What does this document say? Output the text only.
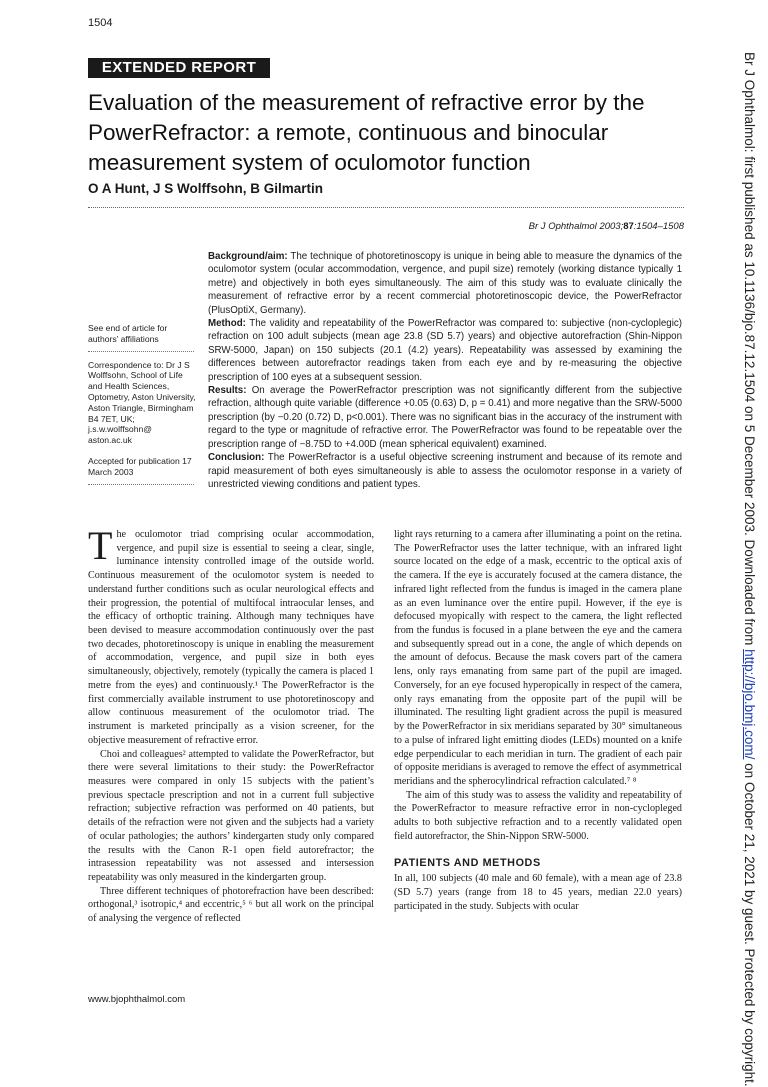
1504
EXTENDED REPORT
Evaluation of the measurement of refractive error by the PowerRefractor: a remote, continuous and binocular measurement system of oculomotor function
O A Hunt, J S Wolffsohn, B Gilmartin
Br J Ophthalmol 2003;87:1504–1508
See end of article for authors’ affiliations
Correspondence to: Dr J S Wolffsohn, School of Life and Health Sciences, Optometry, Aston University, Aston Triangle, Birmingham B4 7ET, UK; j.s.w.wolffsohn@ aston.ac.uk
Accepted for publication 17 March 2003

Background/aim: The technique of photoretinoscopy is unique in being able to measure the dynamics of the oculomotor system (ocular accommodation, vergence, and pupil size) remotely (working distance typically 1 metre) and objectively in both eyes simultaneously. The aim of this study was to evaluate clinically the measurement of refractive error by a recent commercial photoretinoscopic device, the PowerRefractor (PlusOptiX, Germany).

Method: The validity and repeatability of the PowerRefractor was compared to: subjective (non-cycloplegic) refraction on 100 adult subjects (mean age 23.8 (SD 5.7) years) and objective autorefraction (Shin-Nippon SRW-5000, Japan) on 150 subjects (20.1 (4.2) years). Repeatability was assessed by examining the differences between autorefractor readings taken from each eye and by re-measuring the objective prescription of 100 eyes at a subsequent session.

Results: On average the PowerRefractor prescription was not significantly different from the subjective refraction, although quite variable (difference +0.05 (0.63) D, p = 0.41) and more negative than the SRW-5000 prescription (by −0.20 (0.72) D, p<0.001). There was no significant bias in the accuracy of the instrument with regard to the type or magnitude of refractive error. The PowerRefractor was found to be repeatable over the prescription range of −8.75D to +4.00D (mean spherical equivalent) examined.

Conclusion: The PowerRefractor is a useful objective screening instrument and because of its remote and rapid measurement of both eyes simultaneously is able to assess the oculomotor response in a variety of unrestricted viewing conditions and patient types.

The oculomotor triad comprising ocular accommodation, vergence, and pupil size is essential to seeing a clear, single, luminance intensity controlled image of the outside world. Continuous measurement of the oculomotor system is needed to understand further conditions such as ocular neurological effects and their progression, the potential of multifocal intraocular lenses, and the efficacy of orthoptic training. Although many techniques have been devised to measure accommodation continuously over the past two decades, photoretinoscopy is unique in enabling the measurement of accommodation, vergence, and pupil size in both eyes simultaneously, objectively, remotely (typically the camera is placed 1 metre from the eyes) and continuously.¹ The PowerRefractor is the first commercially available instrument to use photoretinoscopy and allow continuous measurement of the oculomotor triad. The instrument is marketed principally as a vision screener, for the objective measurement of refractive error.

Choi and colleagues² attempted to validate the PowerRefractor, but there were several limitations to their study: the PowerRefractor measures were compared in only 15 subjects with the patient’s previous spectacle prescription and not in a current full subjective refraction; subjective refraction was performed on 40 patients, but details of the refraction were not given and the subjects had a variety of ocular pathologies; the authors’ kindergarten study only compared the results with the Canon R-1 open field autorefractor; the intrasession repeatability was not assessed and intersession repeatability was only measured in the kindergarten group.

Three different techniques of photorefraction have been described: orthogonal,³ isotropic,⁴ and eccentric,⁵ ⁶ but all work on the principal of analysing the vergence of reflected

light rays returning to a camera after illuminating a point on the retina. The PowerRefractor uses the latter technique, with an infrared light source located on the edge of a mask, eccentric to the optical axis of the camera. If the eye is accurately focused at the camera distance, the infrared light reflected from the fundus is imaged in the camera plane as an even luminance over the entire pupil. However, if the eye is defocused myopically with respect to the camera, the light reflected from the fundus is focused in a plane between the eye and the camera and subsequently spread out in a cone, the angle of which depends on the amount of defocus. Because the mask covers part of the camera lens, only rays emanating from same part of the pupil are imaged. Conversely, for an eye focused hyperopically in respect of the camera, only rays emanating from the opposite part of the pupil will be illuminated. The resulting light gradient across the pupil is measured by the PowerRefractor in six meridians separated by 30° simultaneous to a pulse of infrared light emitting diodes (LEDs) mounted on a knife edge perpendicular to each meridian in turn. The gradient of each pair of opposite meridians is averaged to remove the effect of asymmetrical meridians and the spherocylindrical refraction calculated.⁷ ⁸

The aim of this study was to assess the validity and repeatability of the PowerRefractor to measure refractive error in non-cyclopleged adults to both subjective refraction and to a recently validated open field autorefractor, the Shin-Nippon SRW-5000.

PATIENTS AND METHODS

In all, 100 subjects (40 male and 60 female), with a mean age of 23.8 (SD 5.7) years (range from 18 to 45 years, median 22.0 years) participated in the study. Subjects with ocular

www.bjophthalmol.com
Br J Ophthalmol: first published as 10.1136/bjo.87.12.1504 on 5 December 2003. Downloaded from http://bjo.bmj.com/ on October 21, 2021 by guest. Protected by copyright.
